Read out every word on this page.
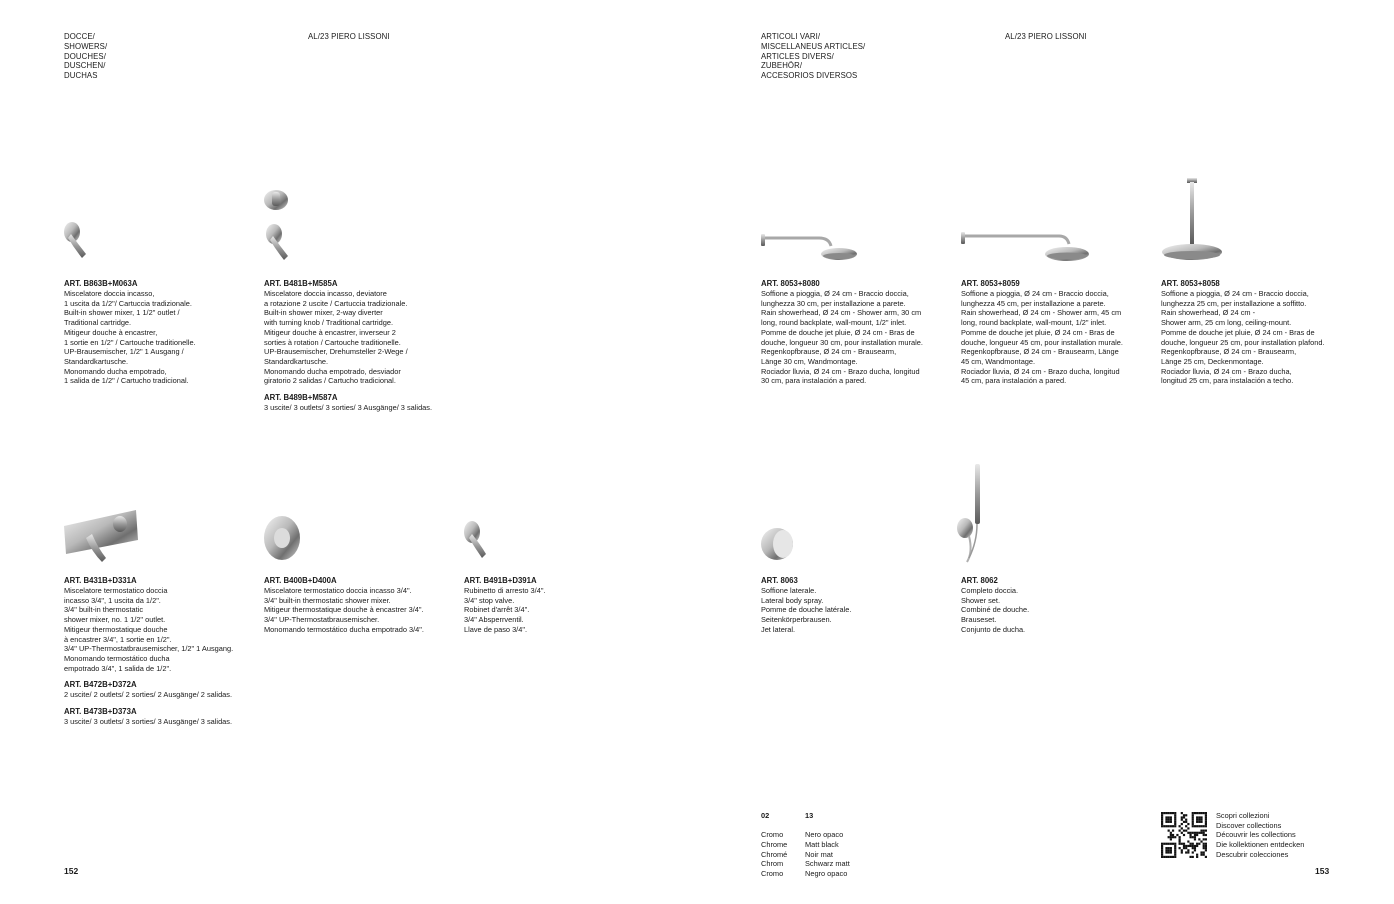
DOCCE/
SHOWERS/
DOUCHES/
DUSCHEN/
DUCHAS
AL/23 PIERO LISSONI
ART. B863B+M063A
Miscelatore doccia incasso,
1 uscita da 1/2"/ Cartuccia tradizionale.
Built-in shower mixer, 1 1/2" outlet /
Traditional cartridge.
Mitigeur douche à encastrer,
1 sortie en 1/2" / Cartouche traditionelle.
UP-Brausemischer, 1/2" 1 Ausgang /
Standardkartusche.
Monomando ducha empotrado,
1 salida de 1/2" / Cartucho tradicional.
ART. B481B+M585A
Miscelatore doccia incasso, deviatore
a rotazione 2 uscite / Cartuccia tradizionale.
Built-in shower mixer, 2-way diverter
with turning knob / Traditional cartridge.
Mitigeur douche à encastrer, inverseur 2
sorties à rotation / Cartouche traditionelle.
UP-Brausemischer, Drehumsteller 2-Wege /
Standardkartusche.
Monomando ducha empotrado, desviador
giratorio 2 salidas / Cartucho tradicional.
ART. B489B+M587A
3 uscite/ 3 outlets/ 3 sorties/ 3 Ausgänge/ 3 salidas.
ART. B431B+D331A
Miscelatore termostatico doccia
incasso 3/4", 1 uscita da 1/2".
3/4" built-in thermostatic
shower mixer, no. 1 1/2" outlet.
Mitigeur thermostatique douche
à encastrer 3/4", 1 sortie en 1/2".
3/4" UP-Thermostatbrausemischer, 1/2" 1 Ausgang.
Monomando termostático ducha
empotrado 3/4", 1 salida de 1/2".
ART. B472B+D372A
2 uscite/ 2 outlets/ 2 sorties/ 2 Ausgänge/ 2 salidas.
ART. B473B+D373A
3 uscite/ 3 outlets/ 3 sorties/ 3 Ausgänge/ 3 salidas.
ART. B400B+D400A
Miscelatore termostatico doccia incasso 3/4".
3/4" built-in thermostatic shower mixer.
Mitigeur thermostatique douche à encastrer 3/4".
3/4" UP-Thermostatbrausemischer.
Monomando termostático ducha empotrado 3/4".
ART. B491B+D391A
Rubinetto di arresto 3/4".
3/4" stop valve.
Robinet d'arrêt 3/4".
3/4" Absperrventil.
Llave de paso 3/4".
152
ARTICOLI VARI/
MISCELLANEUS ARTICLES/
ARTICLES DIVERS/
ZUBEHÖR/
ACCESORIOS DIVERSOS
AL/23 PIERO LISSONI
ART. 8053+8080
Soffione a pioggia, Ø 24 cm - Braccio doccia,
lunghezza 30 cm, per installazione a parete.
Rain showerhead, Ø 24 cm - Shower arm, 30 cm
long, round backplate, wall-mount, 1/2" inlet.
Pomme de douche jet pluie, Ø 24 cm - Bras de
douche, longueur 30 cm, pour installation murale.
Regenkopfbrause, Ø 24 cm - Brausearm,
Länge 30 cm, Wandmontage.
Rociador lluvia, Ø 24 cm - Brazo ducha, longitud
30 cm, para instalación a pared.
ART. 8053+8059
Soffione a pioggia, Ø 24 cm - Braccio doccia,
lunghezza 45 cm, per installazione a parete.
Rain showerhead, Ø 24 cm - Shower arm, 45 cm
long, round backplate, wall-mount, 1/2" inlet.
Pomme de douche jet pluie, Ø 24 cm - Bras de
douche, longueur 45 cm, pour installation murale.
Regenkopfbrause, Ø 24 cm - Brausearm, Länge
45 cm, Wandmontage.
Rociador lluvia, Ø 24 cm - Brazo ducha, longitud
45 cm, para instalación a pared.
ART. 8053+8058
Soffione a pioggia, Ø 24 cm - Braccio doccia,
lunghezza 25 cm, per installazione a soffitto.
Rain showerhead, Ø 24 cm -
Shower arm, 25 cm long, ceiling-mount.
Pomme de douche jet pluie, Ø 24 cm - Bras de
douche, longueur 25 cm, pour installation plafond.
Regenkopfbrause, Ø 24 cm - Brausearm,
Länge 25 cm, Deckenmontage.
Rociador lluvia, Ø 24 cm - Brazo ducha,
longitud 25 cm, para instalación a techo.
ART. 8063
Soffione laterale.
Lateral body spray.
Pomme de douche latérale.
Seitenkörperbrausen.
Jet lateral.
ART. 8062
Completo doccia.
Shower set.
Combiné de douche.
Brauseset.
Conjunto de ducha.

02

Cromo
Chrome
Chromé
Chrom
Cromo

13

Nero opaco
Matt black
Noir mat
Schwarz matt
Negro opaco

Scopri collezioni
Discover collections
Découvrir les collections
Die kollektionen entdecken
Descubrir colecciones
153
